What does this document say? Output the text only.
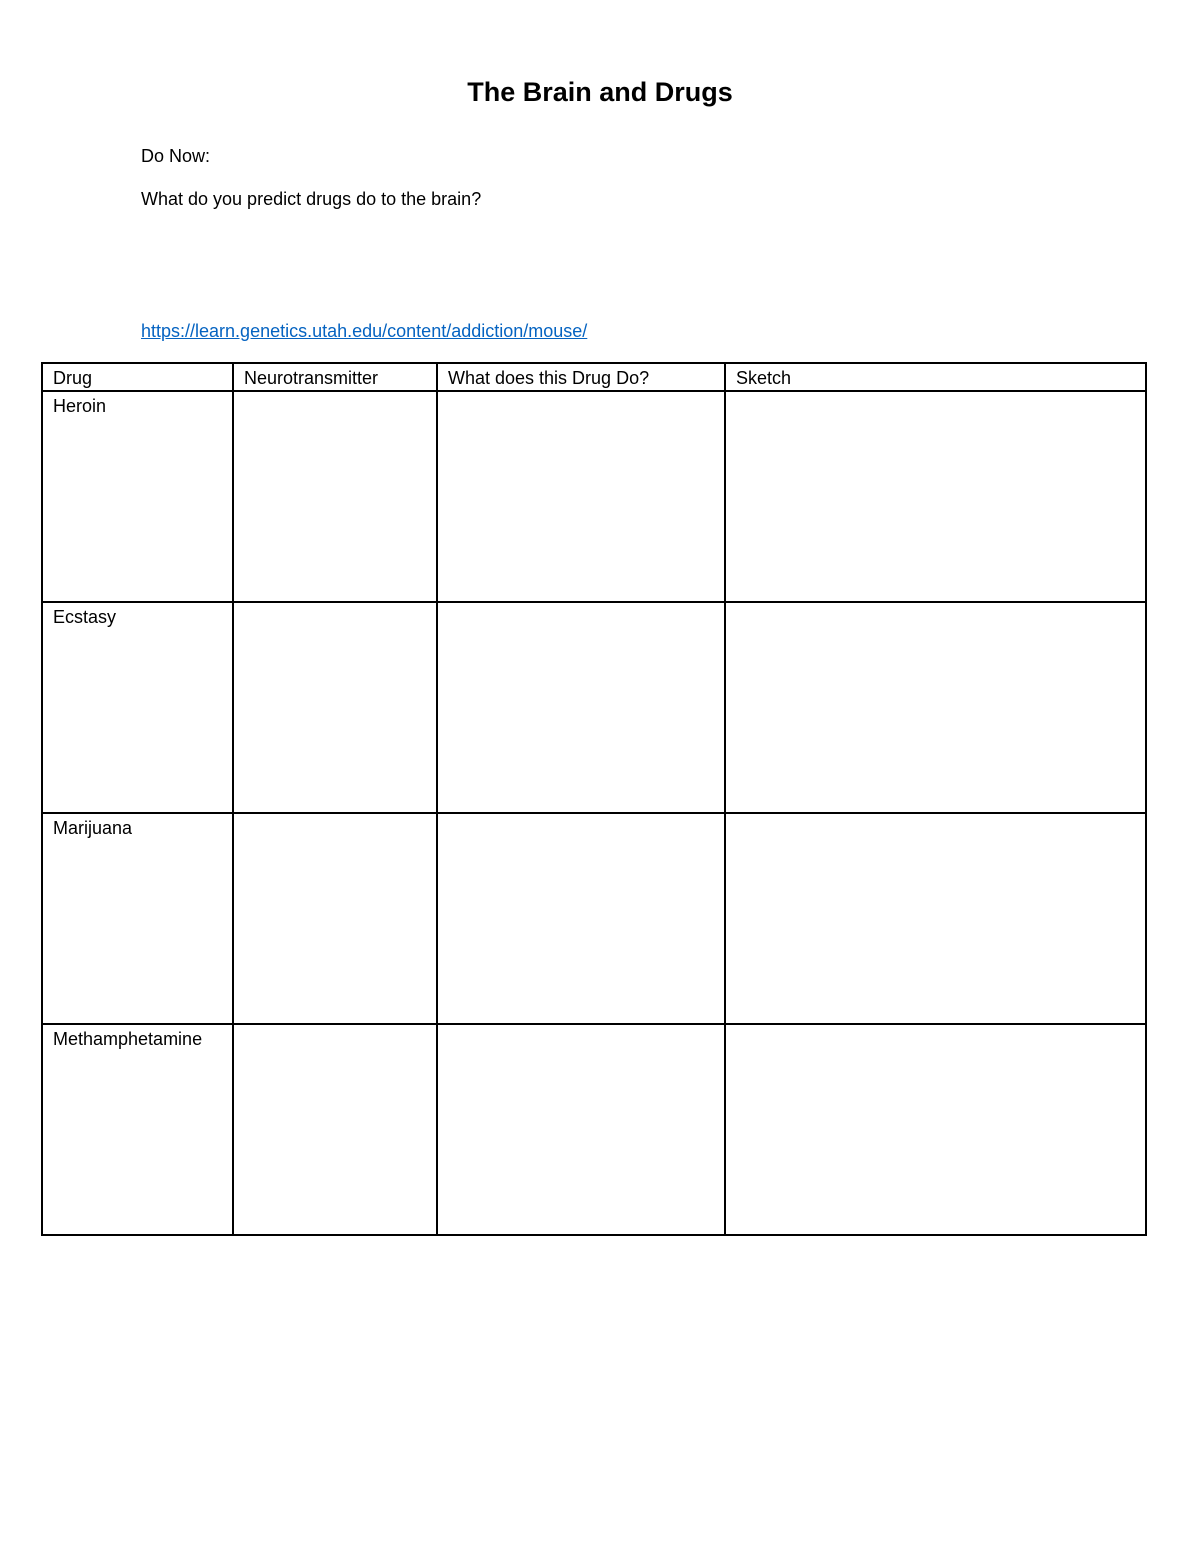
The Brain and Drugs
Do Now:
What do you predict drugs do to the brain?
https://learn.genetics.utah.edu/content/addiction/mouse/
Drug	Neurotransmitter	What does this Drug Do?	Sketch
Heroin			
Ecstasy			
Marijuana			
Methamphetamine			
